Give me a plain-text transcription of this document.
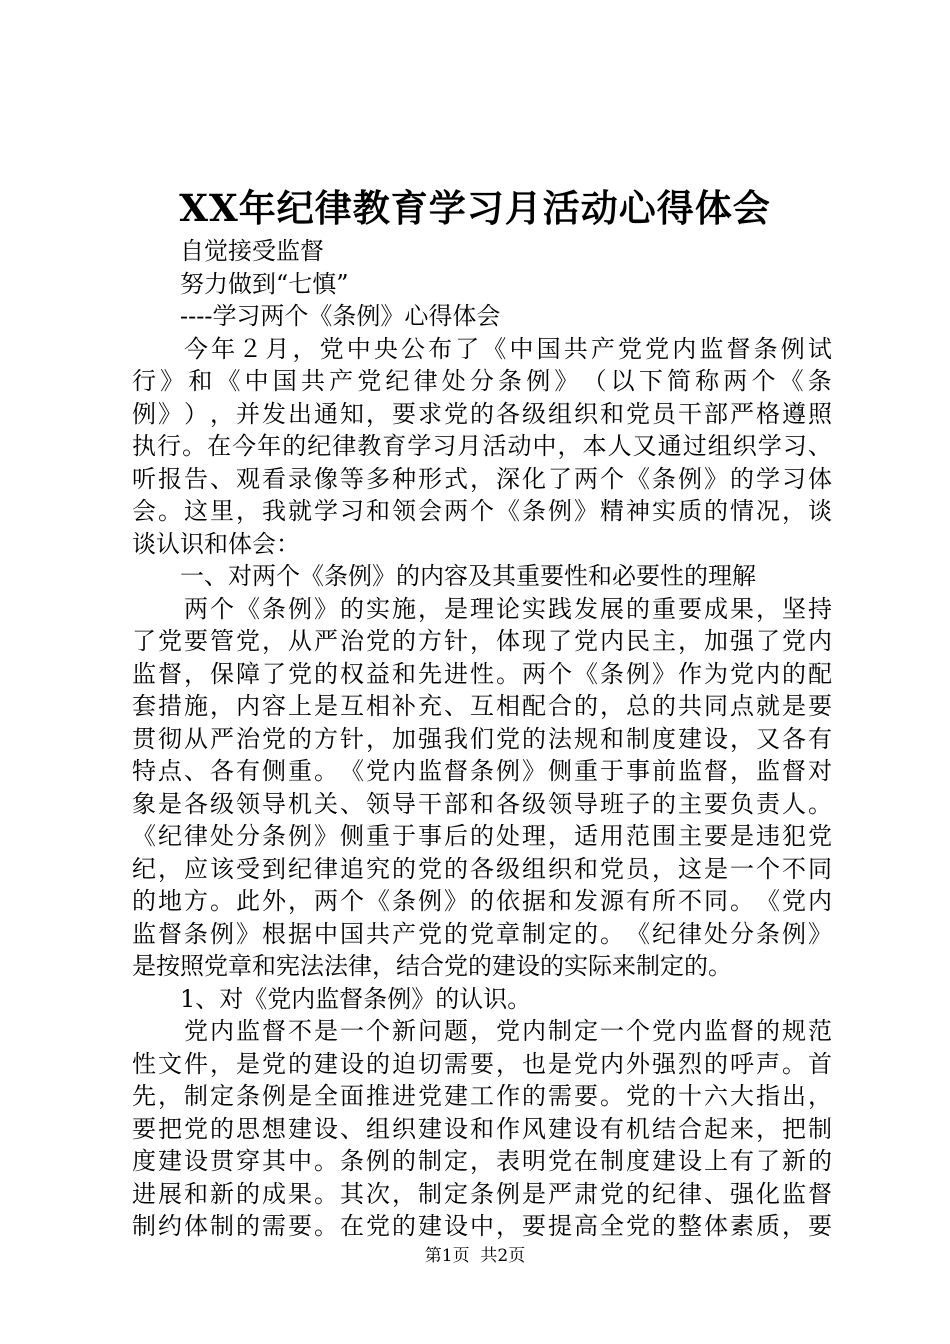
XX年纪律教育学习月活动心得体会
自觉接受监督
努力做到“七慎”
----学习两个《条例》心得体会
今 年 ２ 月 ， 党 中 央 公 布 了 《 中 国 共 产 党 党 内 监 督 条 例 试
行 》 和 《 中 国 共 产 党 纪 律 处 分 条 例 》 （ 以 下 简 称 两 个 《 条
例 》 ） ， 并 发 出 通 知 ， 要 求 党 的 各 级 组 织 和 党 员 干 部 严 格 遵 照
执 行 。 在 今 年 的 纪 律 教 育 学 习 月 活 动 中 ， 本 人 又 通 过 组 织 学 习 、
听 报 告 、 观 看 录 像 等 多 种 形 式 ， 深 化 了 两 个 《 条 例 》 的 学 习 体
会 。 这 里 ， 我 就 学 习 和 领 会 两 个 《 条 例 》 精 神 实 质 的 情 况 ， 谈
谈认识和体会：
一、对两个《条例》的内容及其重要性和必要性的理解
两 个 《 条 例 》 的 实 施 ， 是 理 论 实 践 发 展 的 重 要 成 果 ， 坚 持
了 党 要 管 党 ， 从 严 治 党 的 方 针 ， 体 现 了 党 内 民 主 ， 加 强 了 党 内
监 督 ， 保 障 了 党 的 权 益 和 先 进 性 。 两 个 《 条 例 》 作 为 党 内 的 配
套 措 施 ， 内 容 上 是 互 相 补 充 、 互 相 配 合 的 ， 总 的 共 同 点 就 是 要
贯 彻 从 严 治 党 的 方 针 ， 加 强 我 们 党 的 法 规 和 制 度 建 设 ， 又 各 有
特 点 、 各 有 侧 重 。 《 党 内 监 督 条 例 》 侧 重 于 事 前 监 督 ， 监 督 对
象 是 各 级 领 导 机 关 、 领 导 干 部 和 各 级 领 导 班 子 的 主 要 负 责 人 。
《 纪 律 处 分 条 例 》 侧 重 于 事 后 的 处 理 ， 适 用 范 围 主 要 是 违 犯 党
纪 ， 应 该 受 到 纪 律 追 究 的 党 的 各 级 组 织 和 党 员 ， 这 是 一 个 不 同
的 地 方 。 此 外 ， 两 个 《 条 例 》 的 依 据 和 发 源 有 所 不 同 。 《 党 内
监 督 条 例 》 根 据 中 国 共 产 党 的 党 章 制 定 的 。 《 纪 律 处 分 条 例 》
是按照党章和宪法法律，结合党的建设的实际来制定的。
1、对《党内监督条例》的认识。
党 内 监 督 不 是 一 个 新 问 题 ， 党 内 制 定 一 个 党 内 监 督 的 规 范
性 文 件 ， 是 党 的 建 设 的 迫 切 需 要 ， 也 是 党 内 外 强 烈 的 呼 声 。 首
先 ， 制 定 条 例 是 全 面 推 进 党 建 工 作 的 需 要 。 党 的 十 六 大 指 出 ，
要 把 党 的 思 想 建 设 、 组 织 建 设 和 作 风 建 设 有 机 结 合 起 来 ， 把 制
度 建 设 贯 穿 其 中 。 条 例 的 制 定 ， 表 明 党 在 制 度 建 设 上 有 了 新 的
进 展 和 新 的 成 果 。 其 次 ， 制 定 条 例 是 严 肃 党 的 纪 律 、 强 化 监 督
制 约 体 制 的 需 要 。 在 党 的 建 设 中 ， 要 提 高 全 党 的 整 体 素 质 ， 要
第1页  共2页
